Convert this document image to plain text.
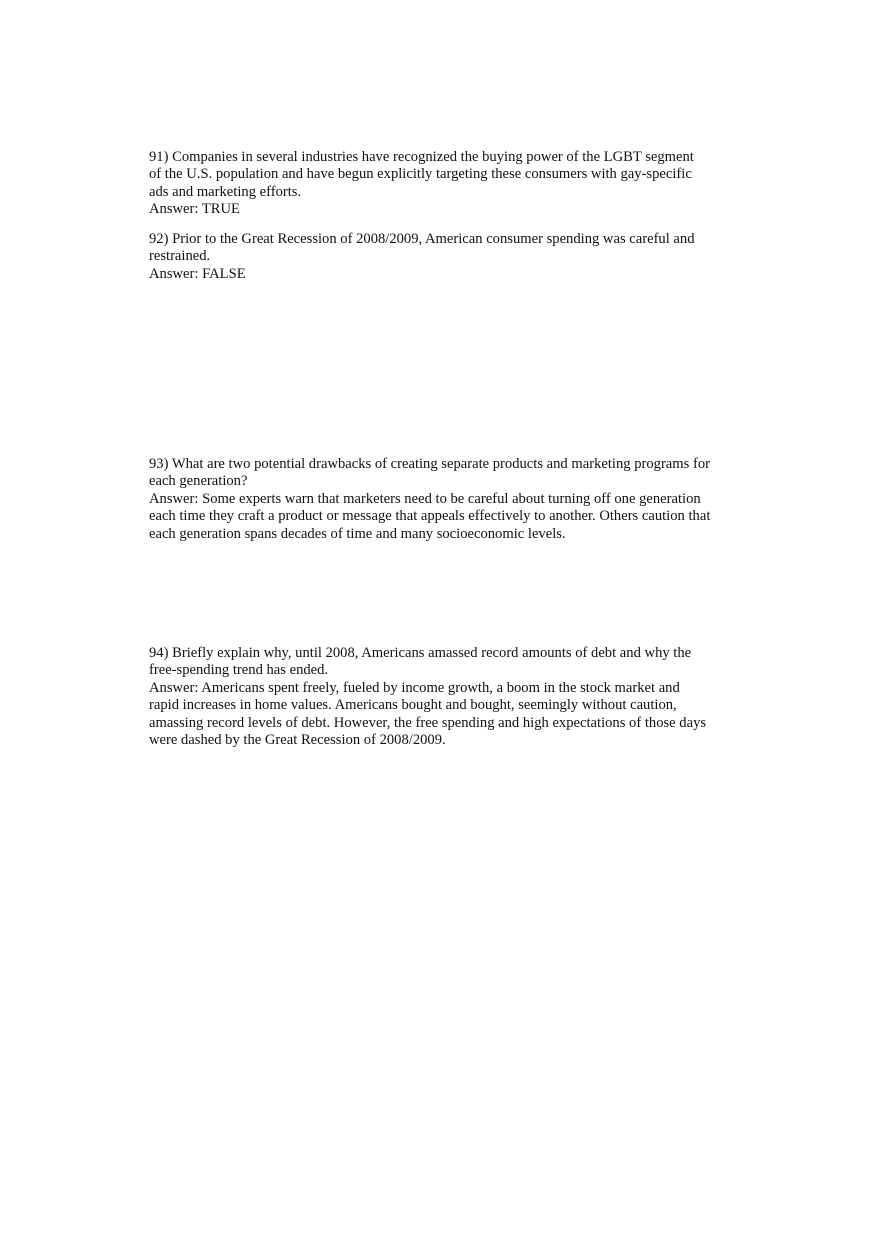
91) Companies in several industries have recognized the buying power of the LGBT segment
of the U.S. population and have begun explicitly targeting these consumers with gay-specific
ads and marketing efforts.
Answer: TRUE
92) Prior to the Great Recession of 2008/2009, American consumer spending was careful and
restrained.
Answer: FALSE
93) What are two potential drawbacks of creating separate products and marketing programs for
each generation?
Answer: Some experts warn that marketers need to be careful about turning off one generation
each time they craft a product or message that appeals effectively to another. Others caution that
each generation spans decades of time and many socioeconomic levels.
94) Briefly explain why, until 2008, Americans amassed record amounts of debt and why the
free-spending trend has ended.
Answer: Americans spent freely, fueled by income growth, a boom in the stock market and
rapid increases in home values. Americans bought and bought, seemingly without caution,
amassing record levels of debt. However, the free spending and high expectations of those days
were dashed by the Great Recession of 2008/2009.
